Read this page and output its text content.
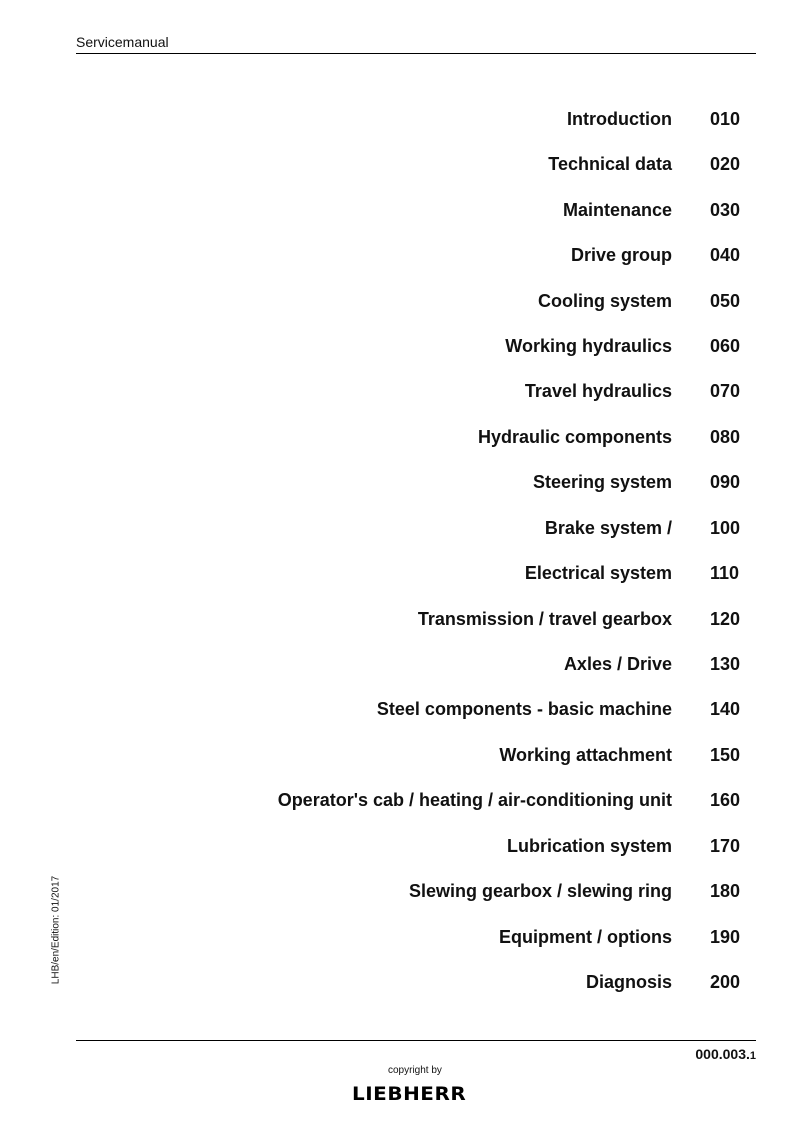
Servicemanual
Introduction 010
Technical data 020
Maintenance 030
Drive group 040
Cooling system 050
Working hydraulics 060
Travel hydraulics 070
Hydraulic components 080
Steering system 090
Brake system / 100
Electrical system 110
Transmission / travel gearbox 120
Axles / Drive 130
Steel components - basic machine 140
Working attachment 150
Operator's cab / heating / air-conditioning unit 160
Lubrication system 170
Slewing gearbox / slewing ring 180
Equipment / options 190
Diagnosis 200
LHB/en/Edition: 01/2017
000.003.1
copyright by
LIEBHERR
